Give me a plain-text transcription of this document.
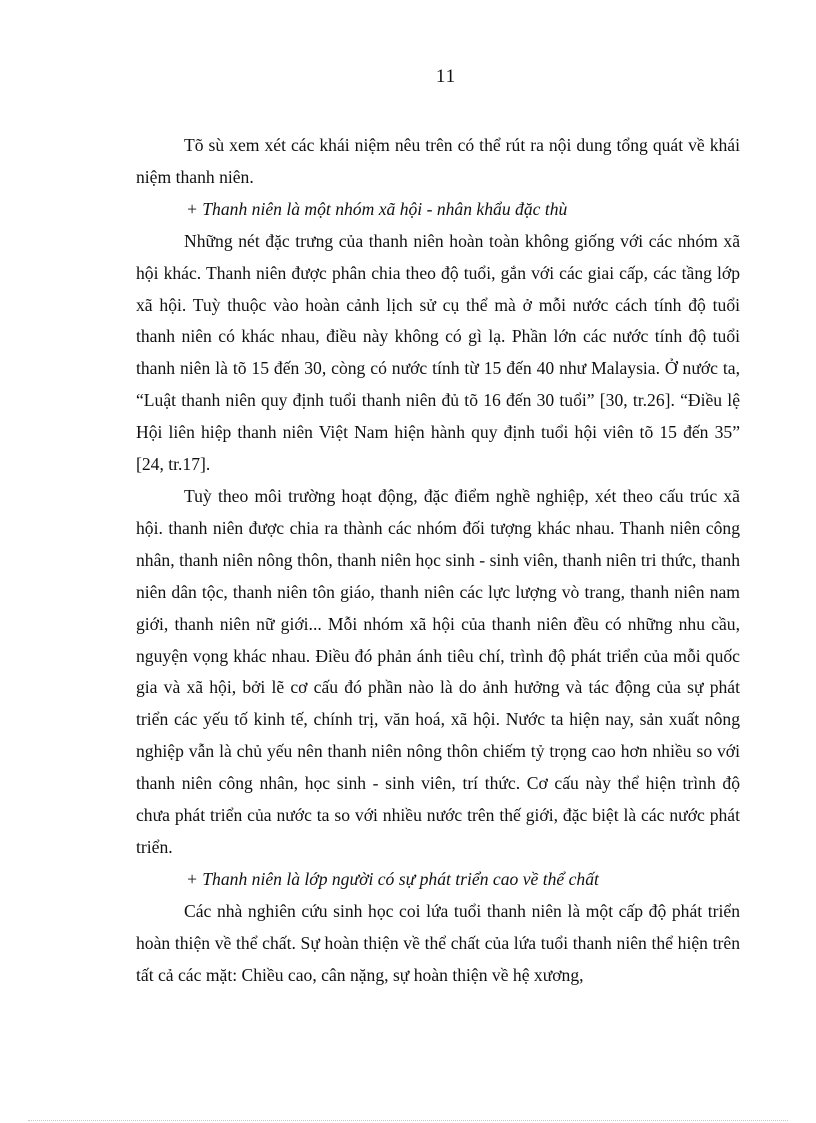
11

Tõ sù xem xét các khái niệm nêu trên có thể rút ra nội dung tổng quát về khái niệm thanh niên.

+ Thanh niên là một nhóm xã hội - nhân khẩu đặc thù

Những nét đặc trưng của thanh niên hoàn toàn không giống với các nhóm xã hội khác. Thanh niên được phân chia theo độ tuổi, gắn với các giai cấp, các tầng lớp xã hội. Tuỳ thuộc vào hoàn cảnh lịch sử cụ thể mà ở mỗi nước cách tính độ tuổi thanh niên có khác nhau, điều này không có gì lạ. Phần lớn các nước tính độ tuổi thanh niên là tõ 15 đến 30, còng có nước tính từ 15 đến 40 như Malaysia. Ở nước ta, “Luật thanh niên quy định tuổi thanh niên đủ tõ 16 đến 30 tuổi” [30, tr.26]. “Điều lệ Hội liên hiệp thanh niên Việt Nam hiện hành quy định tuổi hội viên tõ 15 đến 35” [24, tr.17].

Tuỳ theo môi trường hoạt động, đặc điểm nghề nghiệp, xét theo cấu trúc xã hội. thanh niên được chia ra thành các nhóm đối tượng khác nhau. Thanh niên công nhân, thanh niên nông thôn, thanh niên học sinh - sinh viên, thanh niên tri thức, thanh niên dân tộc, thanh niên tôn giáo, thanh niên các lực lượng vò trang, thanh niên nam giới, thanh niên nữ giới... Mỗi nhóm xã hội của thanh niên đều có những nhu cầu, nguyện vọng khác nhau. Điều đó phản ánh tiêu chí, trình độ phát triển của mỗi quốc gia và xã hội, bởi lẽ cơ cấu đó phần nào là do ảnh hưởng và tác động của sự phát triển các yếu tố kinh tế, chính trị, văn hoá, xã hội. Nước ta hiện nay, sản xuất nông nghiệp vẫn là chủ yếu nên thanh niên nông thôn chiếm tỷ trọng cao hơn nhiều so với thanh niên công nhân, học sinh - sinh viên, trí thức. Cơ cấu này thể hiện trình độ chưa phát triển của nước ta so với nhiều nước trên thế giới, đặc biệt là các nước phát triển.

+ Thanh niên là lớp người có sự phát triển cao về thể chất

Các nhà nghiên cứu sinh học coi lứa tuổi thanh niên là một cấp độ phát triển hoàn thiện về thể chất. Sự hoàn thiện về thể chất của lứa tuổi thanh niên thể hiện trên tất cả các mặt: Chiều cao, cân nặng, sự hoàn thiện về hệ xương,
